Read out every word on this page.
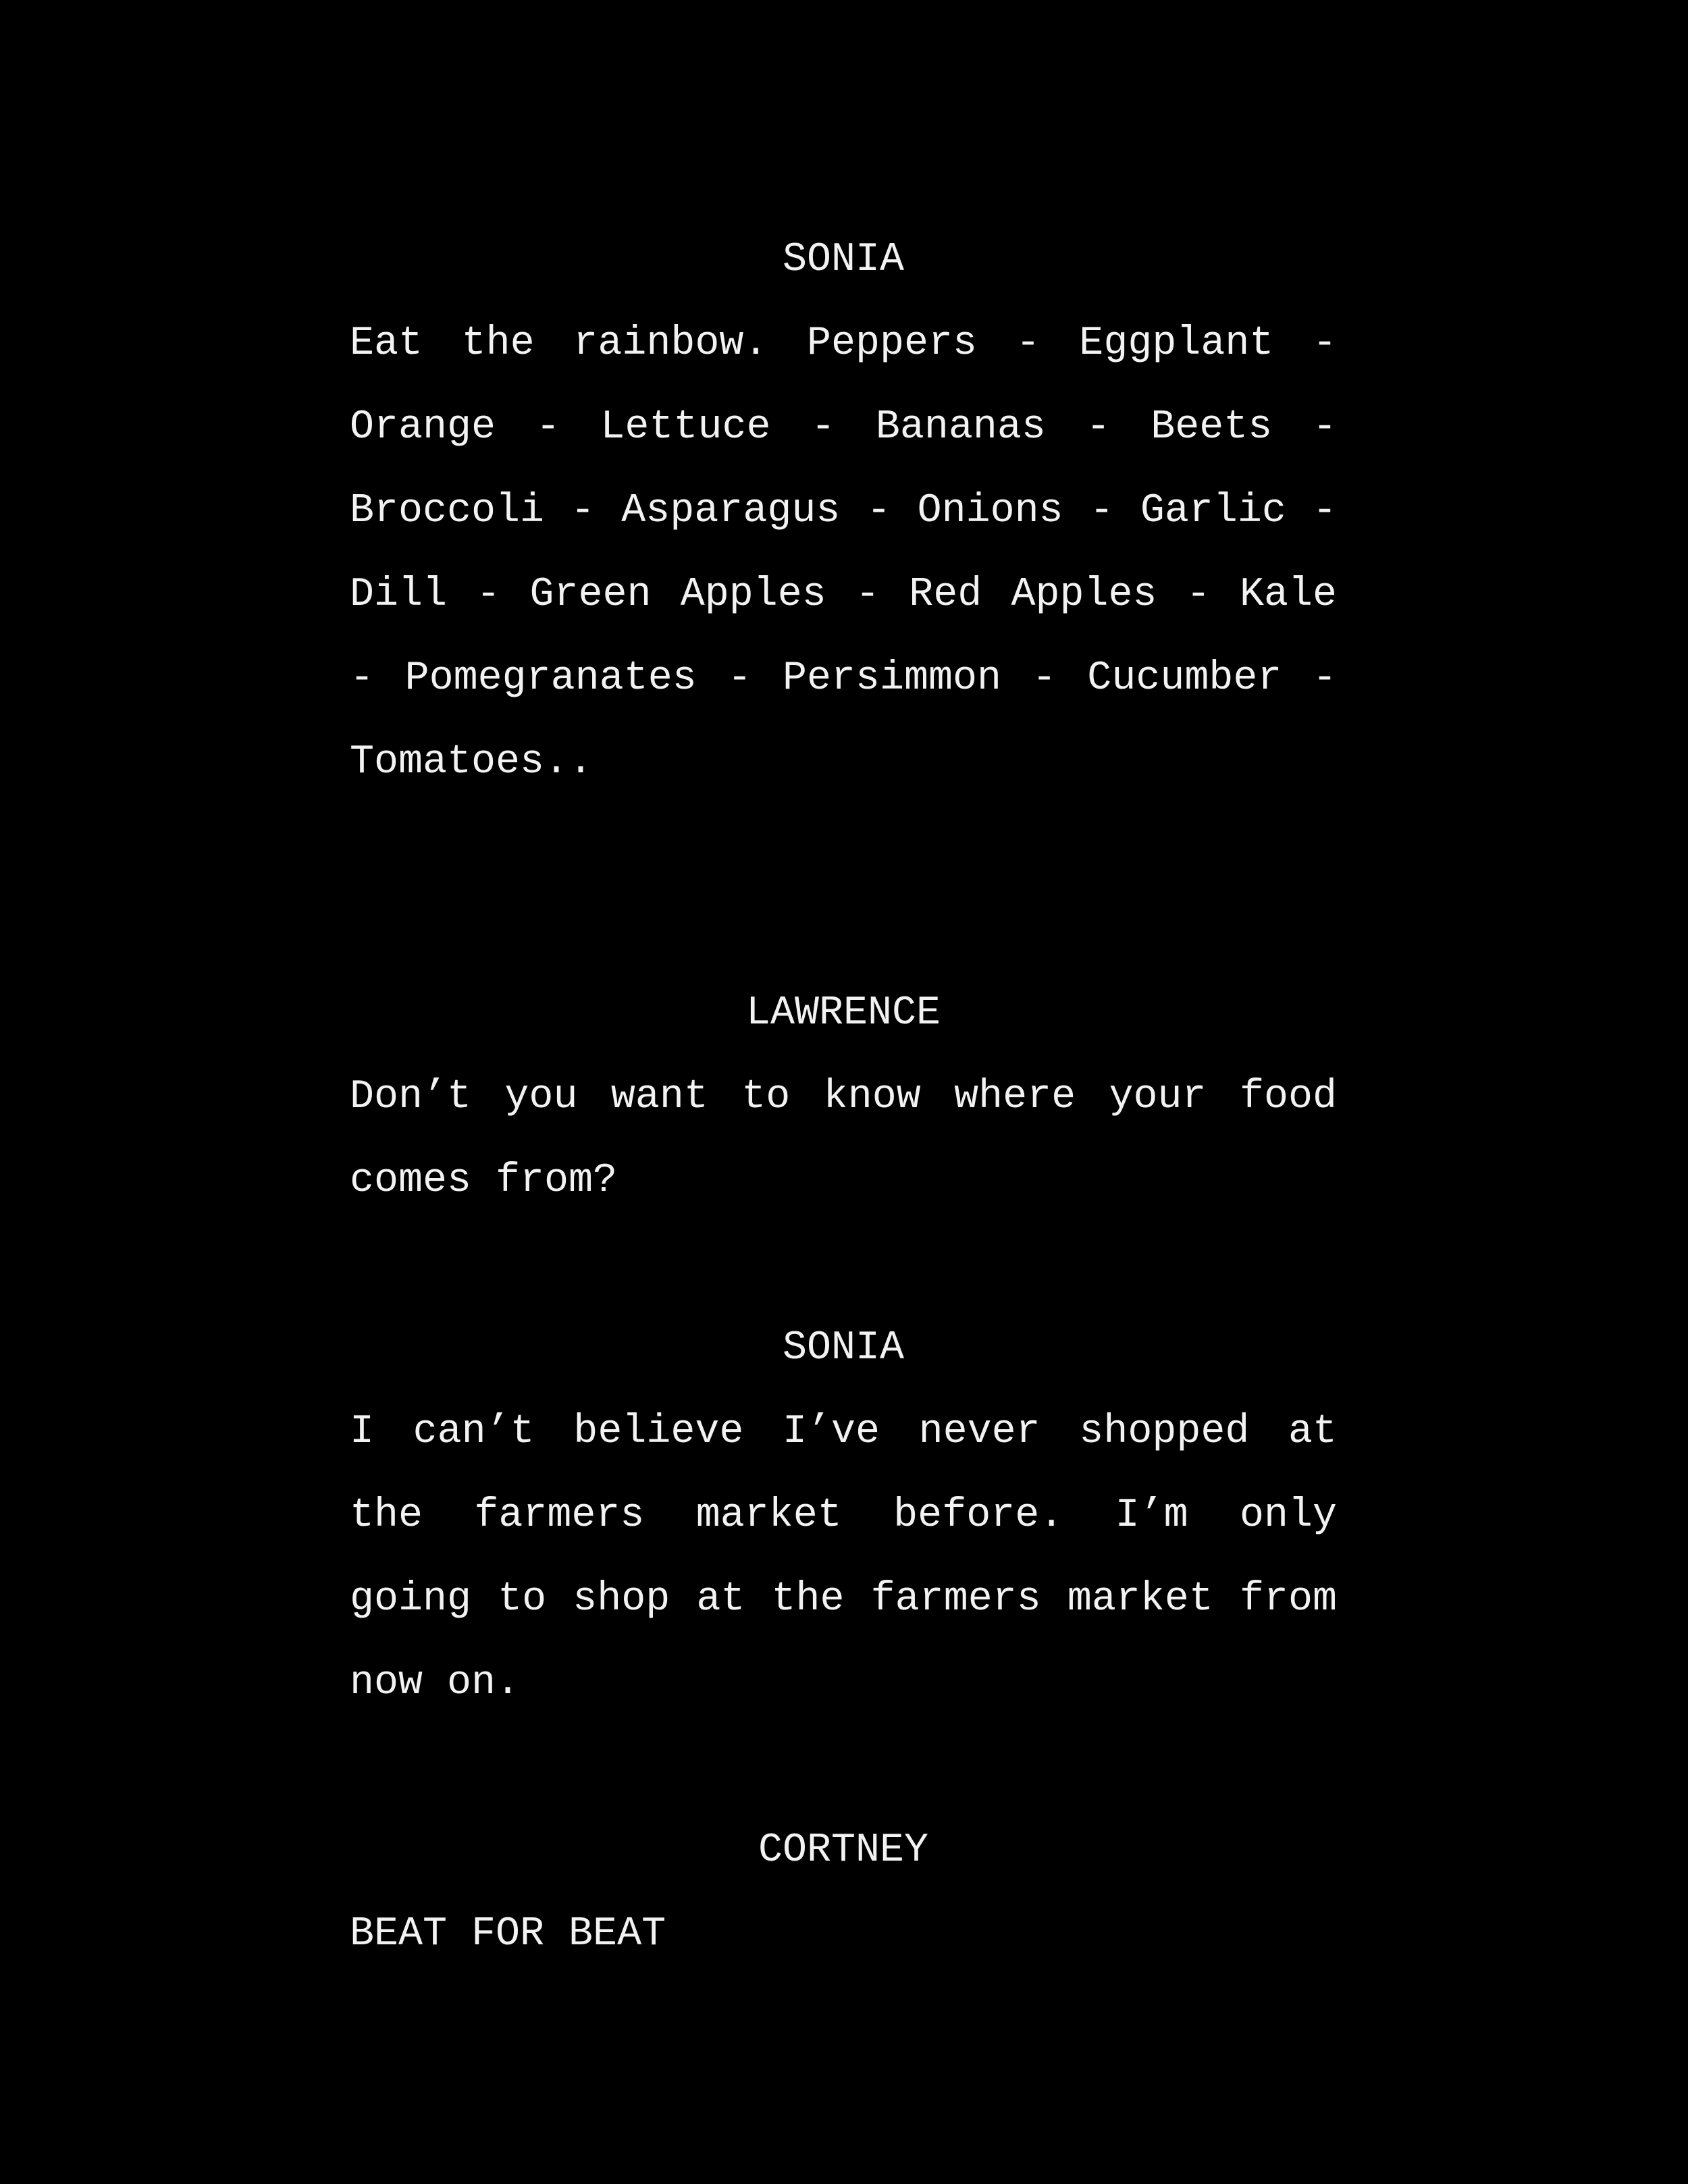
SONIA

Eat the rainbow. Peppers - Eggplant - Orange - Lettuce - Bananas - Beets - Broccoli - Asparagus - Onions - Garlic - Dill - Green Apples - Red Apples - Kale - Pomegranates - Persimmon - Cucumber - Tomatoes..

LAWRENCE

Don’t you want to know where your food comes from?

SONIA

I can’t believe I’ve never shopped at the farmers market before. I’m only going to shop at the farmers market from now on.

CORTNEY

BEAT FOR BEAT
